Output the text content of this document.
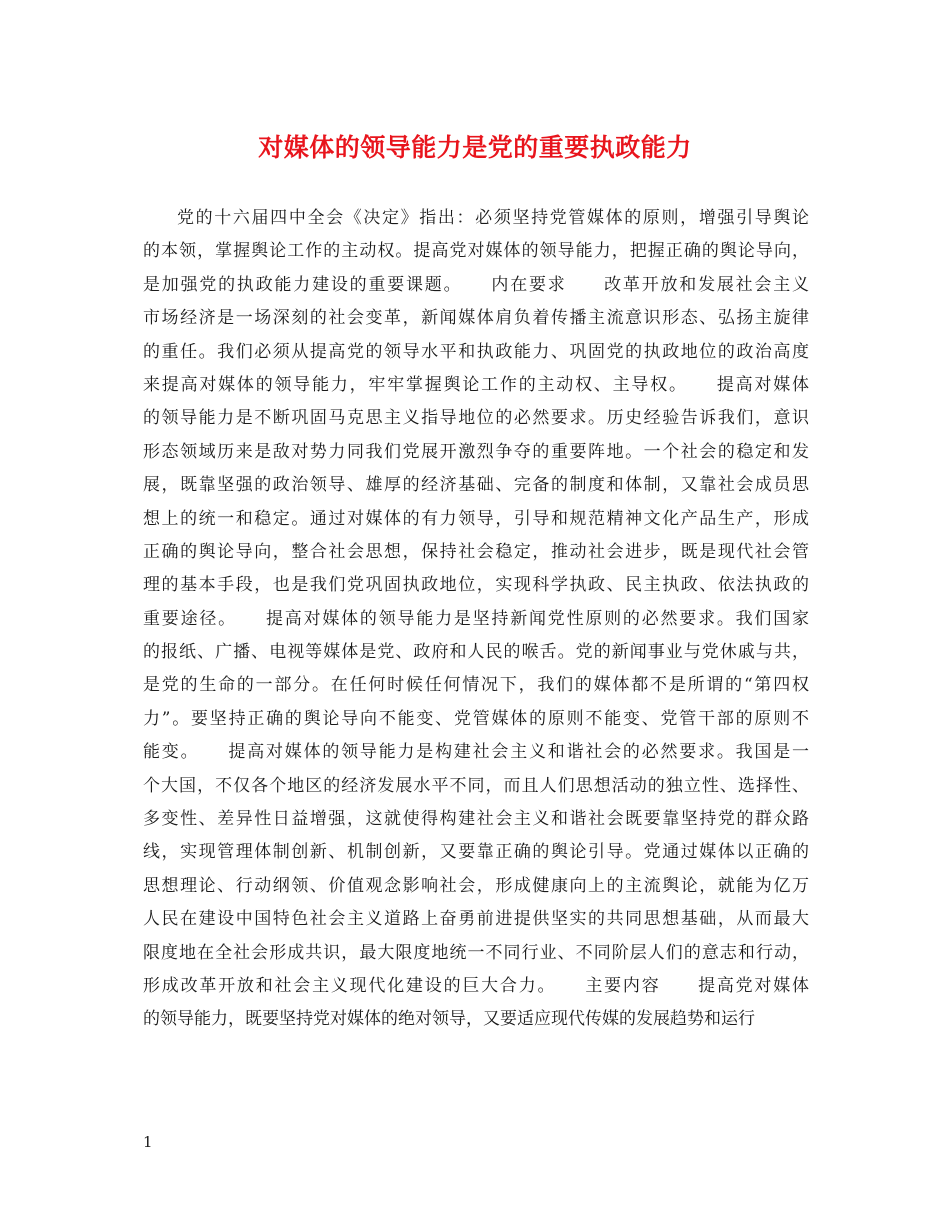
对媒体的领导能力是党的重要执政能力
党的十六届四中全会《决定》指出：必须坚持党管媒体的原则，增强引导舆论
的本领，掌握舆论工作的主动权。提高党对媒体的领导能力，把握正确的舆论导向，
是加强党的执政能力建设的重要课题。　　内在要求　　改革开放和发展社会主义
市场经济是一场深刻的社会变革，新闻媒体肩负着传播主流意识形态、弘扬主旋律
的重任。我们必须从提高党的领导水平和执政能力、巩固党的执政地位的政治高度
来提高对媒体的领导能力，牢牢掌握舆论工作的主动权、主导权。　　提高对媒体
的领导能力是不断巩固马克思主义指导地位的必然要求。历史经验告诉我们，意识
形态领域历来是敌对势力同我们党展开激烈争夺的重要阵地。一个社会的稳定和发
展，既靠坚强的政治领导、雄厚的经济基础、完备的制度和体制，又靠社会成员思
想上的统一和稳定。通过对媒体的有力领导，引导和规范精神文化产品生产，形成
正确的舆论导向，整合社会思想，保持社会稳定，推动社会进步，既是现代社会管
理的基本手段，也是我们党巩固执政地位，实现科学执政、民主执政、依法执政的
重要途径。　　提高对媒体的领导能力是坚持新闻党性原则的必然要求。我们国家
的报纸、广播、电视等媒体是党、政府和人民的喉舌。党的新闻事业与党休戚与共，
是党的生命的一部分。在任何时候任何情况下，我们的媒体都不是所谓的“第四权
力”。要坚持正确的舆论导向不能变、党管媒体的原则不能变、党管干部的原则不
能变。　　提高对媒体的领导能力是构建社会主义和谐社会的必然要求。我国是一
个大国，不仅各个地区的经济发展水平不同，而且人们思想活动的独立性、选择性、
多变性、差异性日益增强，这就使得构建社会主义和谐社会既要靠坚持党的群众路
线，实现管理体制创新、机制创新，又要靠正确的舆论引导。党通过媒体以正确的
思想理论、行动纲领、价值观念影响社会，形成健康向上的主流舆论，就能为亿万
人民在建设中国特色社会主义道路上奋勇前进提供坚实的共同思想基础，从而最大
限度地在全社会形成共识，最大限度地统一不同行业、不同阶层人们的意志和行动，
形成改革开放和社会主义现代化建设的巨大合力。　　主要内容　　提高党对媒体
的领导能力，既要坚持党对媒体的绝对领导，又要适应现代传媒的发展趋势和运行
1
